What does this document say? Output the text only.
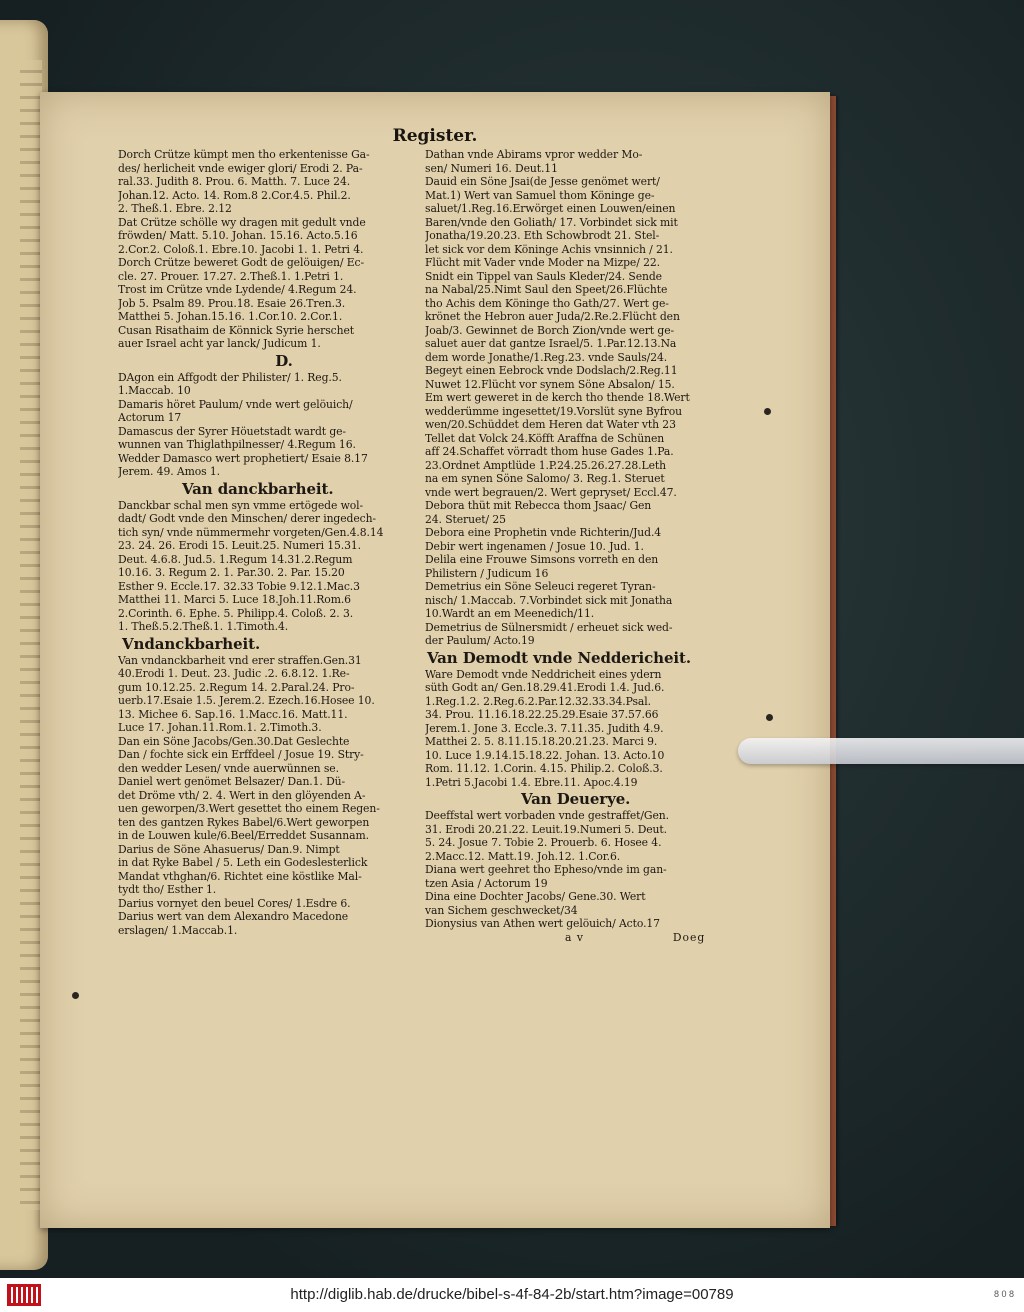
Register.

Dorch Crütze kümpt men tho erkentenisse Ga-

des/ herlicheit vnde ewiger glori/ Erodi 2. Pa-

ral.33. Judith 8. Prou. 6. Matth. 7. Luce 24.

Johan.12. Acto. 14. Rom.8 2.Cor.4.5. Phil.2.

2. Theß.1. Ebre. 2.12

Dat Crütze schölle wy dragen mit gedult vnde

fröwden/ Matt. 5.10. Johan. 15.16. Acto.5.16

2.Cor.2. Coloß.1. Ebre.10. Jacobi 1. 1. Petri 4.

Dorch Crütze beweret Godt de gelöuigen/ Ec-

cle. 27. Prouer. 17.27. 2.Theß.1. 1.Petri 1.

Trost im Crütze vnde Lydende/ 4.Regum 24.

Job 5. Psalm 89. Prou.18. Esaie 26.Tren.3.

Matthei 5. Johan.15.16. 1.Cor.10. 2.Cor.1.

Cusan Risathaim de Könnick Syrie herschet

auer Israel acht yar lanck/ Judicum 1.

D.

DAgon ein Affgodt der Philister/ 1. Reg.5.

1.Maccab. 10

Damaris höret Paulum/ vnde wert gelöuich/

Actorum 17

Damascus der Syrer Höuetstadt wardt ge-

wunnen van Thiglathpilnesser/ 4.Regum 16.

Wedder Damasco wert prophetiert/ Esaie 8.17

Jerem. 49. Amos 1.

Van danckbarheit.

Danckbar schal men syn vmme ertögede wol-

dadt/ Godt vnde den Minschen/ derer ingedech-

tich syn/ vnde nümmermehr vorgeten/Gen.4.8.14

23. 24. 26. Erodi 15. Leuit.25. Numeri 15.31.

Deut. 4.6.8. Jud.5. 1.Regum 14.31.2.Regum

10.16. 3. Regum 2. 1. Par.30. 2. Par. 15.20

Esther 9. Eccle.17. 32.33 Tobie 9.12.1.Mac.3

Matthei 11. Marci 5. Luce 18.Joh.11.Rom.6

2.Corinth. 6. Ephe. 5. Philipp.4. Coloß. 2. 3.

1. Theß.5.2.Theß.1. 1.Timoth.4.

Vndanckbarheit.

Van vndanckbarheit vnd erer straffen.Gen.31

40.Erodi 1. Deut. 23. Judic .2. 6.8.12. 1.Re-

gum 10.12.25. 2.Regum 14. 2.Paral.24. Pro-

uerb.17.Esaie 1.5. Jerem.2. Ezech.16.Hosee 10.

13. Michee 6. Sap.16. 1.Macc.16. Matt.11.

Luce 17. Johan.11.Rom.1. 2.Timoth.3.

Dan ein Söne Jacobs/Gen.30.Dat Geslechte

Dan / fochte sick ein Erffdeel / Josue 19. Stry-

den wedder Lesen/ vnde auerwünnen se.

Daniel wert genömet Belsazer/ Dan.1. Dü-

det Dröme vth/ 2. 4. Wert in den glöyenden A-

uen geworpen/3.Wert gesettet tho einem Regen-

ten des gantzen Rykes Babel/6.Wert geworpen

in de Louwen kule/6.Beel/Erreddet Susannam.

Darius de Söne Ahasuerus/ Dan.9. Nimpt

in dat Ryke Babel / 5. Leth ein Godeslesterlick

Mandat vthghan/6. Richtet eine köstlike Mal-

tydt tho/ Esther 1.

Darius vornyet den beuel Cores/ 1.Esdre 6.

Darius wert van dem Alexandro Macedone

erslagen/ 1.Maccab.1.

Dathan vnde Abirams vpror wedder Mo-

sen/ Numeri 16. Deut.11

Dauid ein Söne Jsai(de Jesse genömet wert/

Mat.1) Wert van Samuel thom Köninge ge-

saluet/1.Reg.16.Erwörget einen Louwen/einen

Baren/vnde den Goliath/ 17. Vorbindet sick mit

Jonatha/19.20.23. Eth Schowbrodt 21. Stel-

let sick vor dem Köninge Achis vnsinnich / 21.

Flücht mit Vader vnde Moder na Mizpe/ 22.

Snidt ein Tippel van Sauls Kleder/24. Sende

na Nabal/25.Nimt Saul den Speet/26.Flüchte

tho Achis dem Köninge tho Gath/27. Wert ge-

krönet the Hebron auer Juda/2.Re.2.Flücht den

Joab/3. Gewinnet de Borch Zion/vnde wert ge-

saluet auer dat gantze Israel/5. 1.Par.12.13.Na

dem worde Jonathe/1.Reg.23. vnde Sauls/24.

Begeyt einen Eebrock vnde Dodslach/2.Reg.11

Nuwet 12.Flücht vor synem Söne Absalon/ 15.

Em wert geweret in de kerch tho thende 18.Wert

wedderümme ingesettet/19.Vorslüt syne Byfrou

wen/20.Schüddet dem Heren dat Water vth 23

Tellet dat Volck 24.Köfft Araffna de Schünen

aff 24.Schaffet vörradt thom huse Gades 1.Pa.

23.Ordnet Amptlüde 1.P.24.25.26.27.28.Leth

na em synen Söne Salomo/ 3. Reg.1. Steruet

vnde wert begrauen/2. Wert gepryset/ Eccl.47.

Debora thüt mit Rebecca thom Jsaac/ Gen

24. Steruet/ 25

Debora eine Prophetin vnde Richterin/Jud.4

Debir wert ingenamen / Josue 10. Jud. 1.

Delila eine Frouwe Simsons vorreth en den

Philistern / Judicum 16

Demetrius ein Söne Seleuci regeret Tyran-

nisch/ 1.Maccab. 7.Vorbindet sick mit Jonatha

10.Wardt an em Meenedich/11.

Demetrius de Sülnersmidt / erheuet sick wed-

der Paulum/ Acto.19

Van Demodt vnde Neddericheit.

Ware Demodt vnde Neddricheit eines ydern

süth Godt an/ Gen.18.29.41.Erodi 1.4. Jud.6.

1.Reg.1.2. 2.Reg.6.2.Par.12.32.33.34.Psal.

34. Prou. 11.16.18.22.25.29.Esaie 37.57.66

Jerem.1. Jone 3. Eccle.3. 7.11.35. Judith 4.9.

Matthei 2. 5. 8.11.15.18.20.21.23. Marci 9.

10. Luce 1.9.14.15.18.22. Johan. 13. Acto.10

Rom. 11.12. 1.Corin. 4.15. Philip.2. Coloß.3.

1.Petri 5.Jacobi 1.4. Ebre.11. Apoc.4.19

Van Deuerye.

Deeffstal wert vorbaden vnde gestraffet/Gen.

31. Erodi 20.21.22. Leuit.19.Numeri 5. Deut.

5. 24. Josue 7. Tobie 2. Prouerb. 6. Hosee 4.

2.Macc.12. Matt.19. Joh.12. 1.Cor.6.

Diana wert geehret tho Epheso/vnde im gan-

tzen Asia / Actorum 19

Dina eine Dochter Jacobs/ Gene.30. Wert

van Sichem geschwecket/34

Dionysius van Athen wert gelöuich/ Acto.17

a v	Doeg

http://diglib.hab.de/drucke/bibel-s-4f-84-2b/start.htm?image=00789	8 0 8
